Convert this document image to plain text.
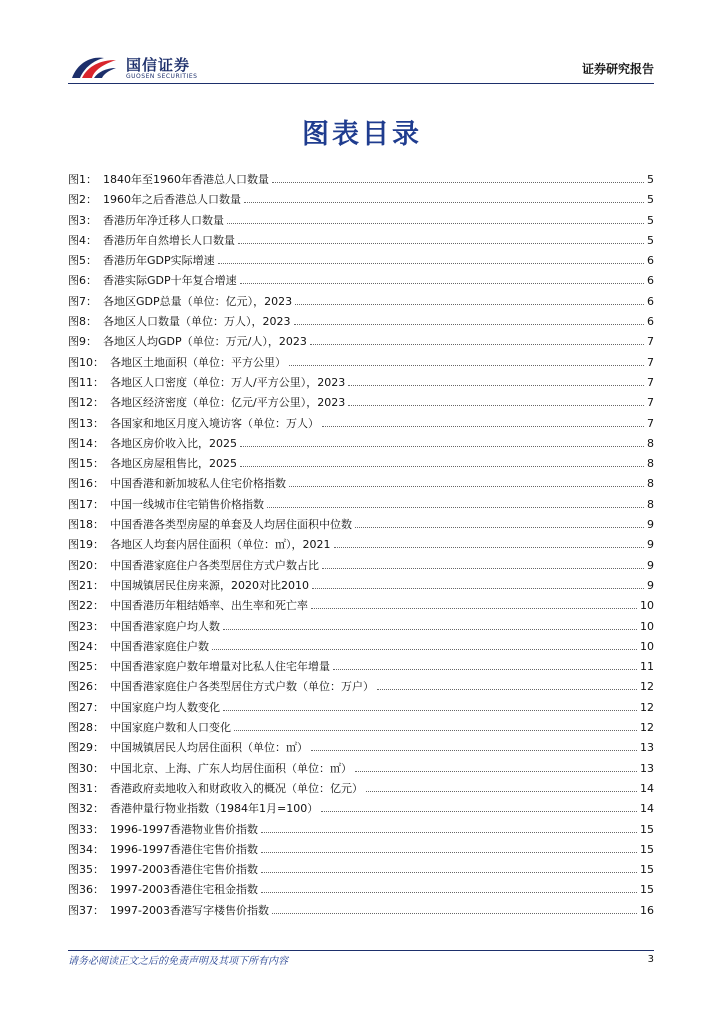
国信证券
GUOSEN SECURITIES
证券研究报告
图表目录
图1： 1840年至1960年香港总人口数量	5
图2： 1960年之后香港总人口数量	5
图3： 香港历年净迁移人口数量	5
图4： 香港历年自然增长人口数量	5
图5： 香港历年GDP实际增速	6
图6： 香港实际GDP十年复合增速	6
图7： 各地区GDP总量（单位：亿元），2023	6
图8： 各地区人口数量（单位：万人），2023	6
图9： 各地区人均GDP（单位：万元/人），2023	7
图10： 各地区土地面积（单位：平方公里）	7
图11： 各地区人口密度（单位：万人/平方公里），2023	7
图12： 各地区经济密度（单位：亿元/平方公里），2023	7
图13： 各国家和地区月度入境访客（单位：万人）	7
图14： 各地区房价收入比，2025	8
图15： 各地区房屋租售比，2025	8
图16： 中国香港和新加坡私人住宅价格指数	8
图17： 中国一线城市住宅销售价格指数	8
图18： 中国香港各类型房屋的单套及人均居住面积中位数	9
图19： 各地区人均套内居住面积（单位：㎡），2021	9
图20： 中国香港家庭住户各类型居住方式户数占比	9
图21： 中国城镇居民住房来源，2020对比2010	9
图22： 中国香港历年粗结婚率、出生率和死亡率	10
图23： 中国香港家庭户均人数	10
图24： 中国香港家庭住户数	10
图25： 中国香港家庭户数年增量对比私人住宅年增量	11
图26： 中国香港家庭住户各类型居住方式户数（单位：万户）	12
图27： 中国家庭户均人数变化	12
图28： 中国家庭户数和人口变化	12
图29： 中国城镇居民人均居住面积（单位：㎡）	13
图30： 中国北京、上海、广东人均居住面积（单位：㎡）	13
图31： 香港政府卖地收入和财政收入的概况（单位：亿元）	14
图32： 香港仲量行物业指数（1984年1月=100）	14
图33： 1996-1997香港物业售价指数	15
图34： 1996-1997香港住宅售价指数	15
图35： 1997-2003香港住宅售价指数	15
图36： 1997-2003香港住宅租金指数	15
图37： 1997-2003香港写字楼售价指数	16
请务必阅读正文之后的免责声明及其项下所有内容	3
